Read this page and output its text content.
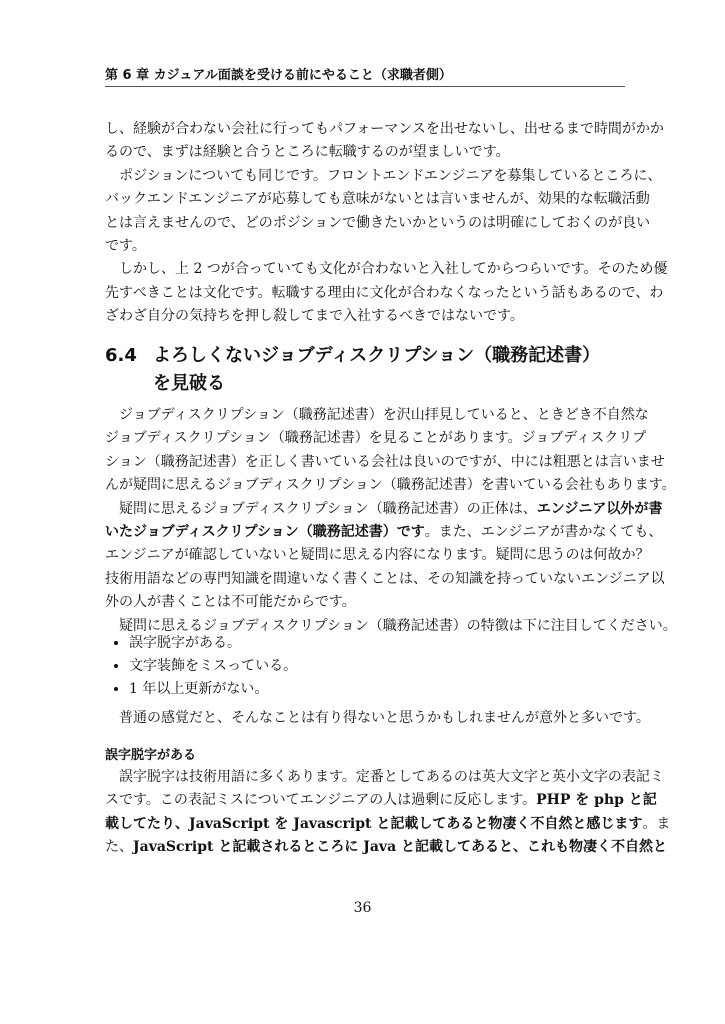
第 6 章 カジュアル面談を受ける前にやること（求職者側）
し、経験が合わない会社に行ってもパフォーマンスを出せないし、出せるまで時間がかか
るので、まずは経験と合うところに転職するのが望ましいです。
ポジションについても同じです。フロントエンドエンジニアを募集しているところに、
バックエンドエンジニアが応募しても意味がないとは言いませんが、効果的な転職活動
とは言えませんので、どのポジションで働きたいかというのは明確にしておくのが良い
です。
しかし、上 2 つが合っていても文化が合わないと入社してからつらいです。そのため優
先すべきことは文化です。転職する理由に文化が合わなくなったという話もあるので、わ
ざわざ自分の気持ちを押し殺してまで入社するべきではないです。
6.4 よろしくないジョブディスクリプション（職務記述書）
を見破る
ジョブディスクリプション（職務記述書）を沢山拝見していると、ときどき不自然な
ジョブディスクリプション（職務記述書）を見ることがあります。ジョブディスクリプ
ション（職務記述書）を正しく書いている会社は良いのですが、中には粗悪とは言いませ
んが疑問に思えるジョブディスクリプション（職務記述書）を書いている会社もあります。
疑問に思えるジョブディスクリプション（職務記述書）の正体は、エンジニア以外が書
いたジョブディスクリプション（職務記述書）です。また、エンジニアが書かなくても、
エンジニアが確認していないと疑問に思える内容になります。疑問に思うのは何故か？
技術用語などの専門知識を間違いなく書くことは、その知識を持っていないエンジニア以
外の人が書くことは不可能だからです。
疑問に思えるジョブディスクリプション（職務記述書）の特徴は下に注目してください。
• 誤字脱字がある。
• 文字装飾をミスっている。
• 1 年以上更新がない。
普通の感覚だと、そんなことは有り得ないと思うかもしれませんが意外と多いです。
誤字脱字がある
誤字脱字は技術用語に多くあります。定番としてあるのは英大文字と英小文字の表記ミ
スです。この表記ミスについてエンジニアの人は過剰に反応します。PHP を php と記
載してたり、JavaScript を Javascript と記載してあると物凄く不自然と感じます。ま
た、JavaScript と記載されるところに Java と記載してあると、これも物凄く不自然と
36
